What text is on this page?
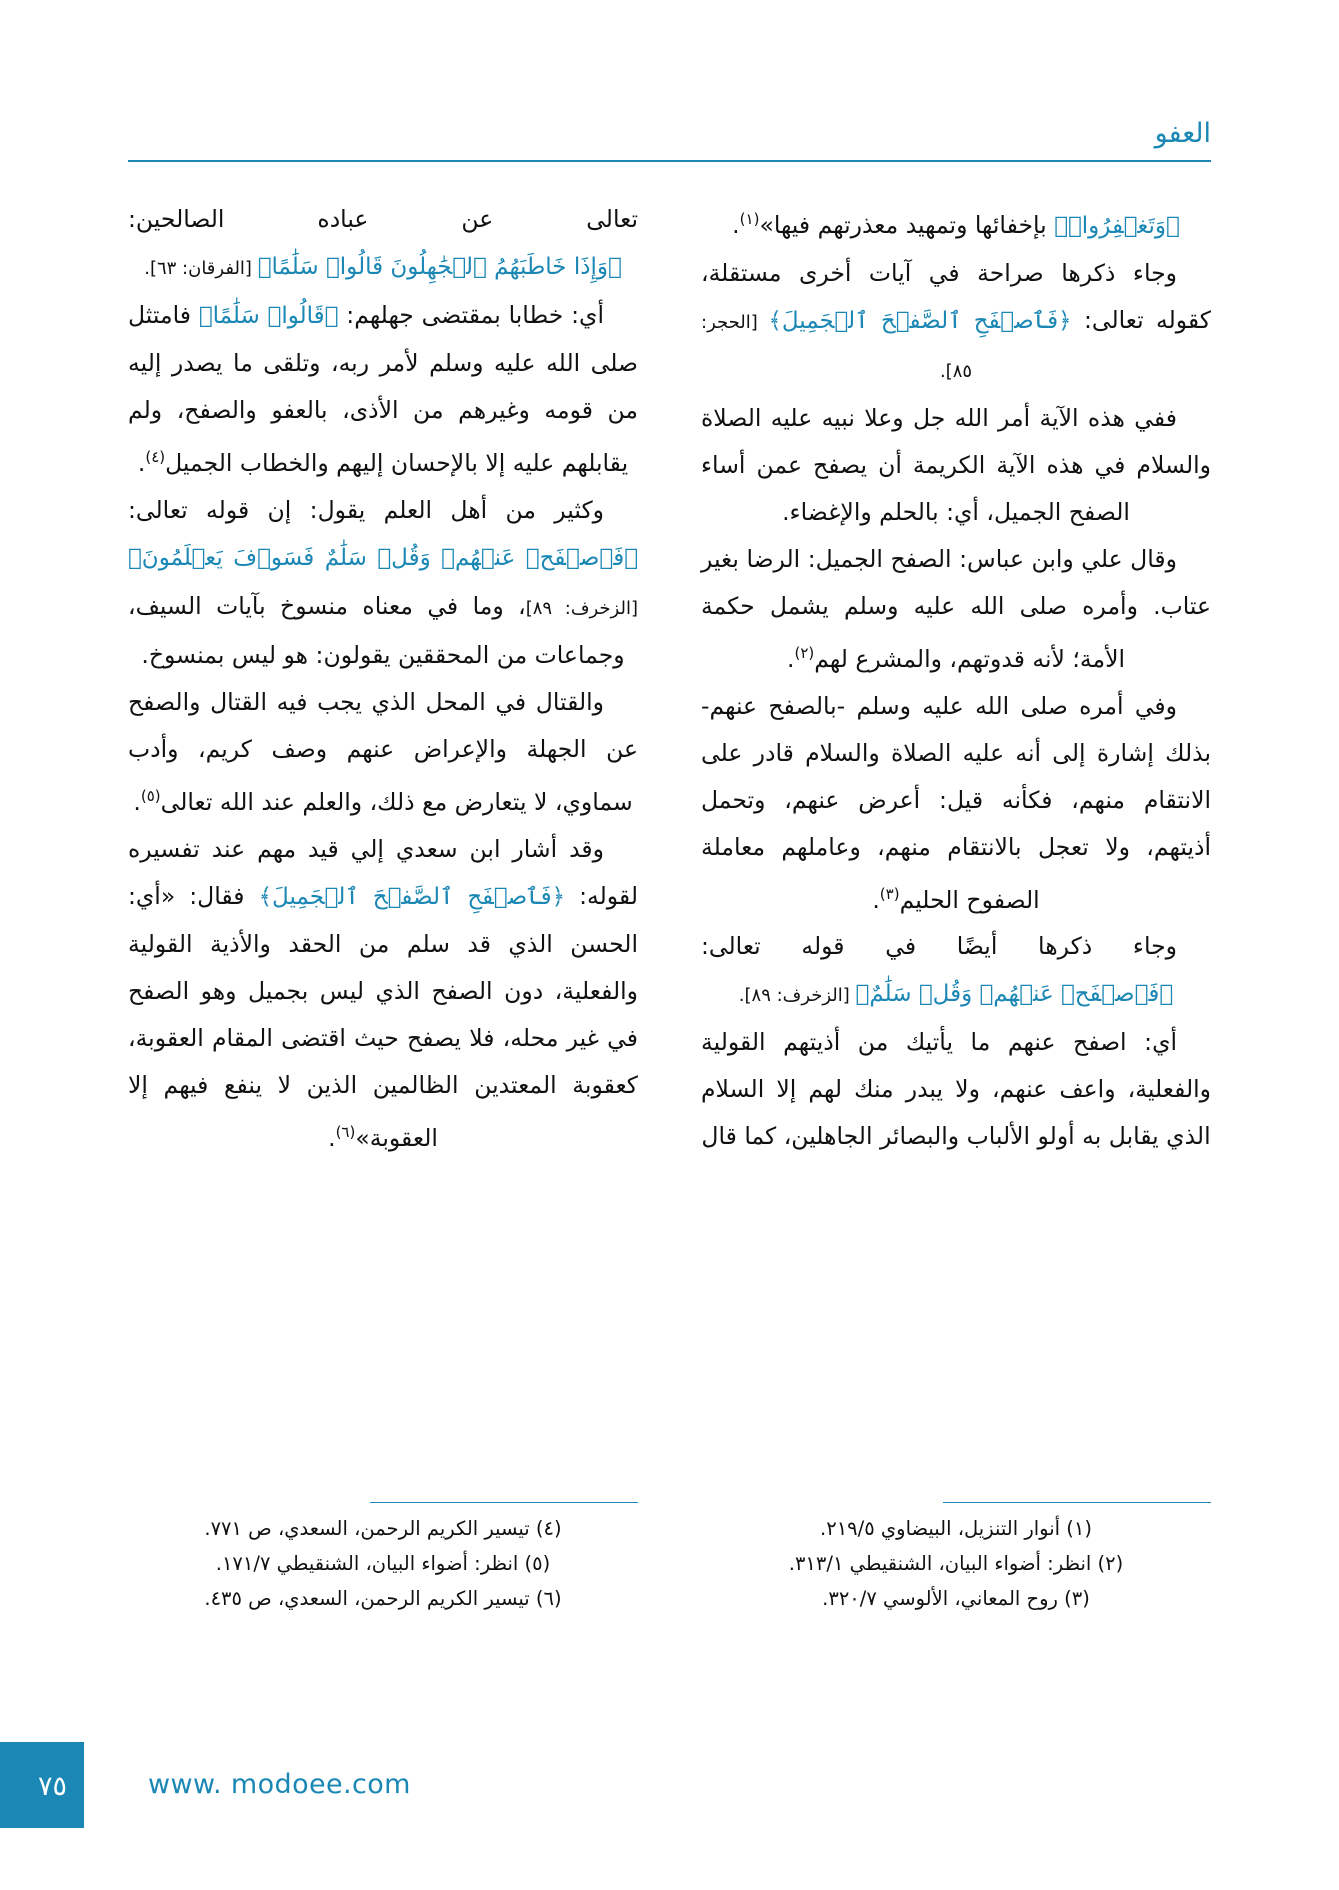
العفو

﴿وَتَغۡفِرُوا۟﴾ بإخفائها وتمهيد معذرتهم فيها»$^{(١)}$.

وجاء ذكرها صراحة في آيات أخرى مستقلة، كقوله تعالى: ﴿فَٱصۡفَحِ ٱلصَّفۡحَ ٱلۡجَمِيلَ﴾ [الحجر: ٨٥].

ففي هذه الآية أمر الله جل وعلا نبيه عليه الصلاة والسلام في هذه الآية الكريمة أن يصفح عمن أساء الصفح الجميل، أي: بالحلم والإغضاء.

وقال علي وابن عباس: الصفح الجميل: الرضا بغير عتاب. وأمره صلى الله عليه وسلم يشمل حكمة الأمة؛ لأنه قدوتهم، والمشرع لهم$^{(٢)}$.

وفي أمره صلى الله عليه وسلم -بالصفح عنهم- بذلك إشارة إلى أنه عليه الصلاة والسلام قادر على الانتقام منهم، فكأنه قيل: أعرض عنهم، وتحمل أذيتهم، ولا تعجل بالانتقام منهم، وعاملهم معاملة الصفوح الحليم$^{(٣)}$.

وجاء ذكرها أيضًا في قوله تعالى: ﴿فَٱصۡفَحۡ عَنۡهُمۡ وَقُلۡ سَلَٰمٌ﴾ [الزخرف: ٨٩].

أي: اصفح عنهم ما يأتيك من أذيتهم القولية والفعلية، واعف عنهم، ولا يبدر منك لهم إلا السلام الذي يقابل به أولو الألباب والبصائر الجاهلين، كما قال

(١) أنوار التنزيل، البيضاوي ٢١٩/٥.
(٢) انظر: أضواء البيان، الشنقيطي ٣١٣/١.
(٣) روح المعاني، الألوسي ٣٢٠/٧.

تعالى عن عباده الصالحين: ﴿وَإِذَا خَاطَبَهُمُ ٱلۡجَٰهِلُونَ قَالُوا۟ سَلَٰمًا﴾ [الفرقان: ٦٣].

أي: خطابا بمقتضى جهلهم: ﴿قَالُوا۟ سَلَٰمًا﴾ فامتثل صلى الله عليه وسلم لأمر ربه، وتلقى ما يصدر إليه من قومه وغيرهم من الأذى، بالعفو والصفح، ولم يقابلهم عليه إلا بالإحسان إليهم والخطاب الجميل$^{(٤)}$.

وكثير من أهل العلم يقول: إن قوله تعالى: ﴿فَٱصۡفَحۡ عَنۡهُمۡ وَقُلۡ سَلَٰمٌ فَسَوۡفَ يَعۡلَمُونَ﴾ [الزخرف: ٨٩]، وما في معناه منسوخ بآيات السيف، وجماعات من المحققين يقولون: هو ليس بمنسوخ.

والقتال في المحل الذي يجب فيه القتال والصفح عن الجهلة والإعراض عنهم وصف كريم، وأدب سماوي، لا يتعارض مع ذلك، والعلم عند الله تعالى$^{(٥)}$.

وقد أشار ابن سعدي إلي قيد مهم عند تفسيره لقوله: ﴿فَٱصۡفَحِ ٱلصَّفۡحَ ٱلۡجَمِيلَ﴾ فقال: «أي: الحسن الذي قد سلم من الحقد والأذية القولية والفعلية، دون الصفح الذي ليس بجميل وهو الصفح في غير محله، فلا يصفح حيث اقتضى المقام العقوبة، كعقوبة المعتدين الظالمين الذين لا ينفع فيهم إلا العقوبة»$^{(٦)}$.

(٤) تيسير الكريم الرحمن، السعدي، ص ٧٧١.
(٥) انظر: أضواء البيان، الشنقيطي ١٧١/٧.
(٦) تيسير الكريم الرحمن، السعدي، ص ٤٣٥.
٧٥	www. modoee.com
